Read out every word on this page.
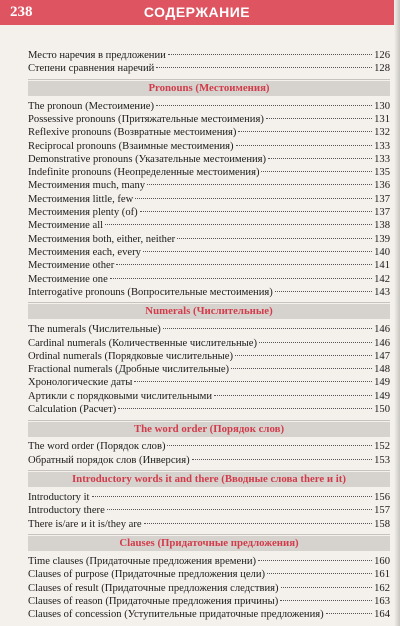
238	СОДЕРЖАНИЕ
Место наречия в предложении	126
Степени сравнения наречий	128
Pronouns (Местоимения)
The pronoun (Местоимение)	130
Possessive pronouns (Притяжательные местоимения)	131
Reflexive pronouns (Возвратные местоимения)	132
Reciprocal pronouns (Взаимные местоимения)	133
Demonstrative pronouns (Указательные местоимения)	133
Indefinite pronouns (Неопределенные местоимения)	135
Местоимения much, many	136
Местоимения little, few	137
Местоимения plenty (of)	137
Местоимение all	138
Местоимения both, either, neither	139
Местоимения each, every	140
Местоимение other	141
Местоимение one	142
Interrogative pronouns (Вопросительные местоимения)	143
Numerals (Числительные)
The numerals (Числительные)	146
Cardinal numerals (Количественные числительные)	146
Ordinal numerals (Порядковые числительные)	147
Fractional numerals (Дробные числительные)	148
Хронологические даты	149
Артикли с порядковыми числительными	149
Calculation (Расчет)	150
The word order (Порядок слов)
The word order (Порядок слов)	152
Обратный порядок слов (Инверсия)	153
Introductory words it and there (Вводные слова there и it)
Introductory it	156
Introductory there	157
There is/are и it is/they are	158
Clauses (Придаточные предложения)
Time clauses (Придаточные предложения времени)	160
Clauses of purpose (Придаточные предложения цели)	161
Clauses of result (Придаточные предложения следствия)	162
Clauses of reason (Придаточные предложения причины)	163
Clauses of concession (Уступительные придаточные предложения)	164
